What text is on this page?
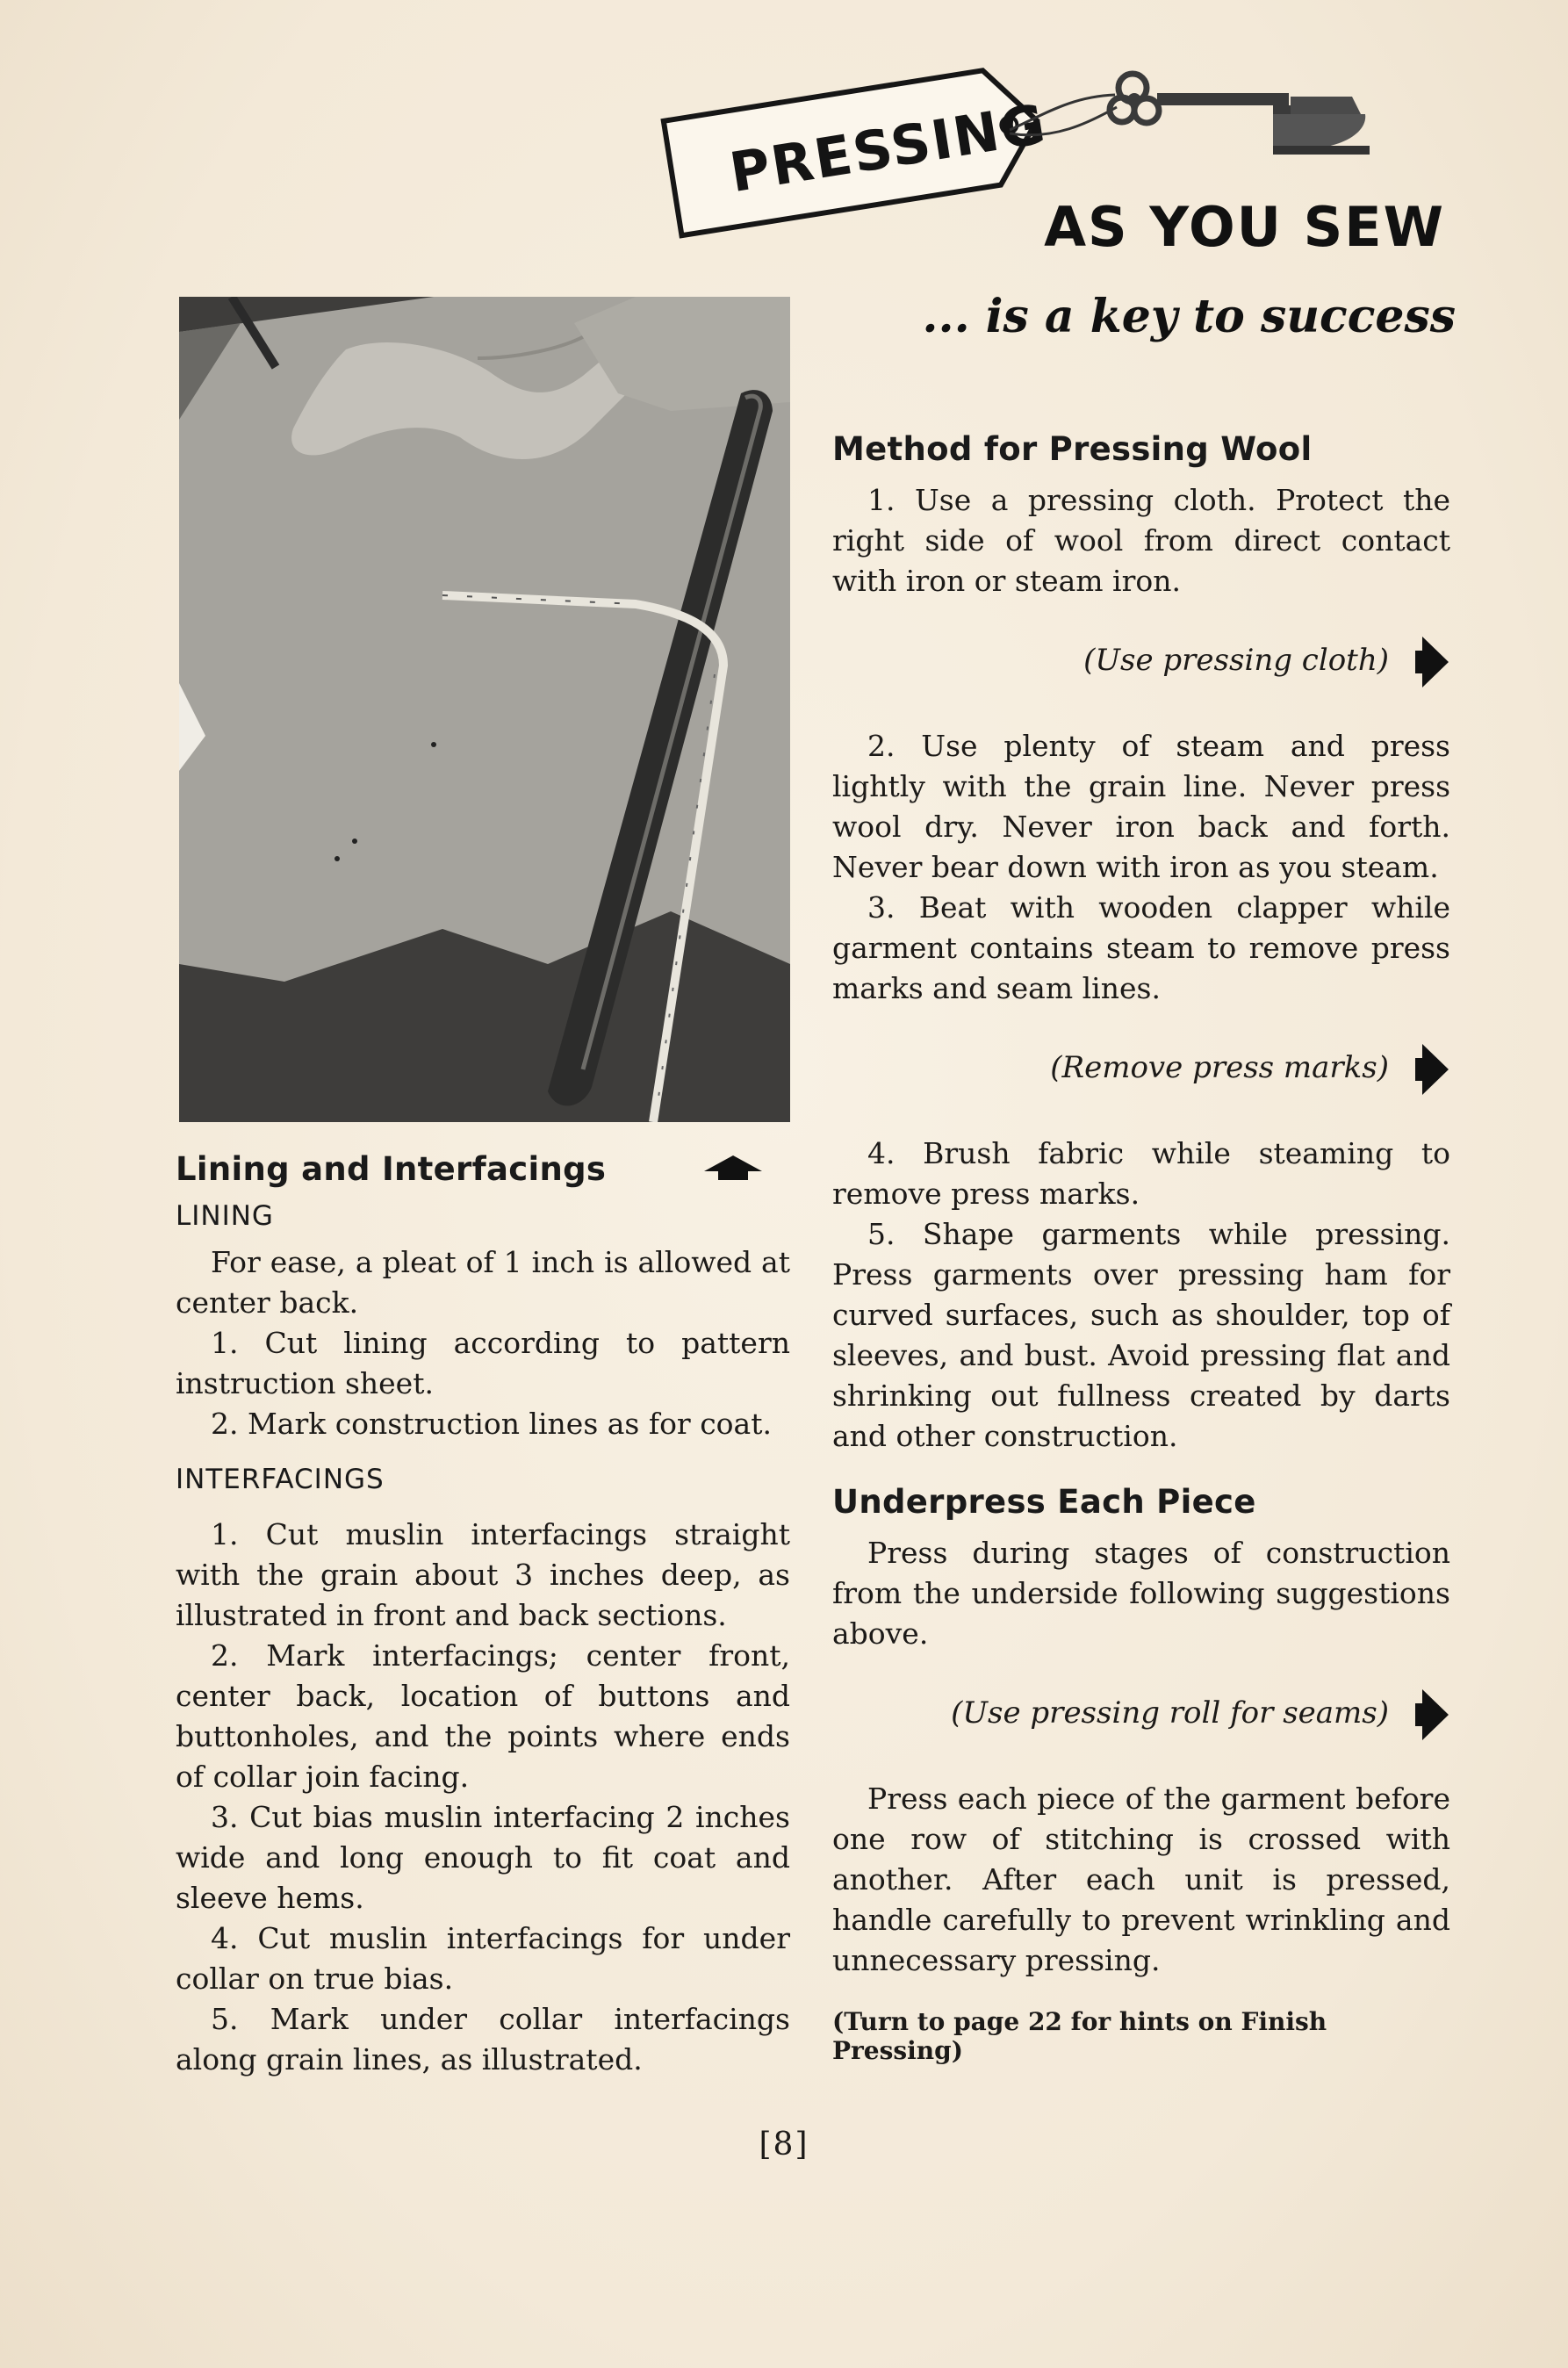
PRESSING
AS YOU SEW
... is a key to success
Lining and Interfacings
LINING

For ease, a pleat of 1 inch is allowed at center back.

1. Cut lining according to pattern instruction sheet.

2. Mark construction lines as for coat.

INTERFACINGS

1. Cut muslin interfacings straight with the grain about 3 inches deep, as illustrated in front and back sections.

2. Mark interfacings; center front, center back, location of buttons and buttonholes, and the points where ends of collar join facing.

3. Cut bias muslin interfacing 2 inches wide and long enough to fit coat and sleeve hems.

4. Cut muslin interfacings for under collar on true bias.

5. Mark under collar interfacings along grain lines, as illustrated.

Method for Pressing Wool

1. Use a pressing cloth. Protect the right side of wool from direct contact with iron or steam iron.

(Use pressing cloth)

2. Use plenty of steam and press lightly with the grain line. Never press wool dry. Never iron back and forth. Never bear down with iron as you steam.

3. Beat with wooden clapper while garment contains steam to remove press marks and seam lines.

(Remove press marks)

4. Brush fabric while steaming to remove press marks.

5. Shape garments while pressing. Press garments over pressing ham for curved surfaces, such as shoulder, top of sleeves, and bust. Avoid pressing flat and shrinking out fullness created by darts and other construction.

Underpress Each Piece

Press during stages of construction from the underside following suggestions above.

(Use pressing roll for seams)

Press each piece of the garment before one row of stitching is crossed with another. After each unit is pressed, handle carefully to prevent wrinkling and unnecessary pressing.

(Turn to page 22 for hints on Finish Pressing)
[8]
